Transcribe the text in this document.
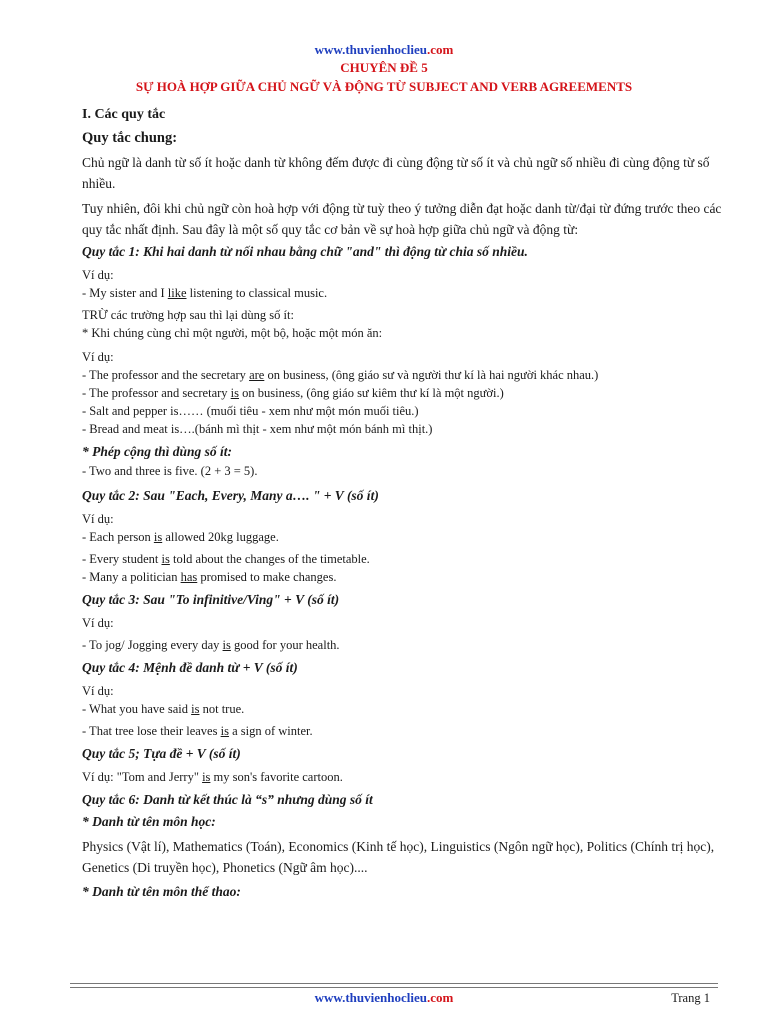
www.thuvienhoclieu.com
CHUYÊN ĐỀ 5
SỰ HOÀ HỢP GIỮA CHỦ NGỮ VÀ ĐỘNG TỪ SUBJECT AND VERB AGREEMENTS
I. Các quy tắc
Quy tắc chung:
Chủ ngữ là danh từ số ít hoặc danh từ không đếm được đi cùng động từ số ít và chủ ngữ số nhiều đi cùng động từ số nhiều.
Tuy nhiên, đôi khi chủ ngữ còn hoà hợp với động từ tuỳ theo ý tưởng diễn đạt hoặc danh từ/đại từ đứng trước theo các quy tắc nhất định. Sau đây là một số quy tắc cơ bản về sự hoà hợp giữa chủ ngữ và động từ:
Quy tắc 1: Khi hai danh từ nối nhau bằng chữ "and" thì động từ chia số nhiều.
Ví dụ:
- My sister and I like listening to classical music.
TRỪ các trường hợp sau thì lại dùng số ít:
* Khi chúng cùng chỉ một người, một bộ, hoặc một món ăn:
Ví dụ:
- The professor and the secretary are on business, (ông giáo sư và người thư kí là hai người khác nhau.)
- The professor and secretary is on business, (ông giáo sư kiêm thư kí là một người.)
- Salt and pepper is…… (muối tiêu - xem như một món muối tiêu.)
- Bread and meat is….(bánh mì thịt - xem như một món bánh mì thịt.)
* Phép cộng thì dùng số ít:
- Two and three is five. (2 + 3 = 5).
Quy tắc 2: Sau "Each, Every, Many a…. " + V (số ít)
Ví dụ:
- Each person is allowed 20kg luggage.
- Every student is told about the changes of the timetable.
- Many a politician has promised to make changes.
Quy tắc 3: Sau "To infinitive/Ving" + V (số ít)
Ví dụ:
- To jog/ Jogging every day is good for your health.
Quy tắc 4: Mệnh đề danh từ + V (số ít)
Ví dụ:
- What you have said is not true.
- That tree lose their leaves is a sign of winter.
Quy tắc 5; Tựa đề + V (số ít)
Ví dụ: "Tom and Jerry" is my son's favorite cartoon.
Quy tắc 6: Danh từ kết thúc là “s” nhưng dùng số ít
* Danh từ tên môn học:
Physics (Vật lí), Mathematics (Toán), Economics (Kinh tế học), Linguistics (Ngôn ngữ học), Politics (Chính trị học), Genetics (Di truyền học), Phonetics (Ngữ âm học)....
* Danh từ tên môn thể thao:
www.thuvienhoclieu.com	Trang 1
